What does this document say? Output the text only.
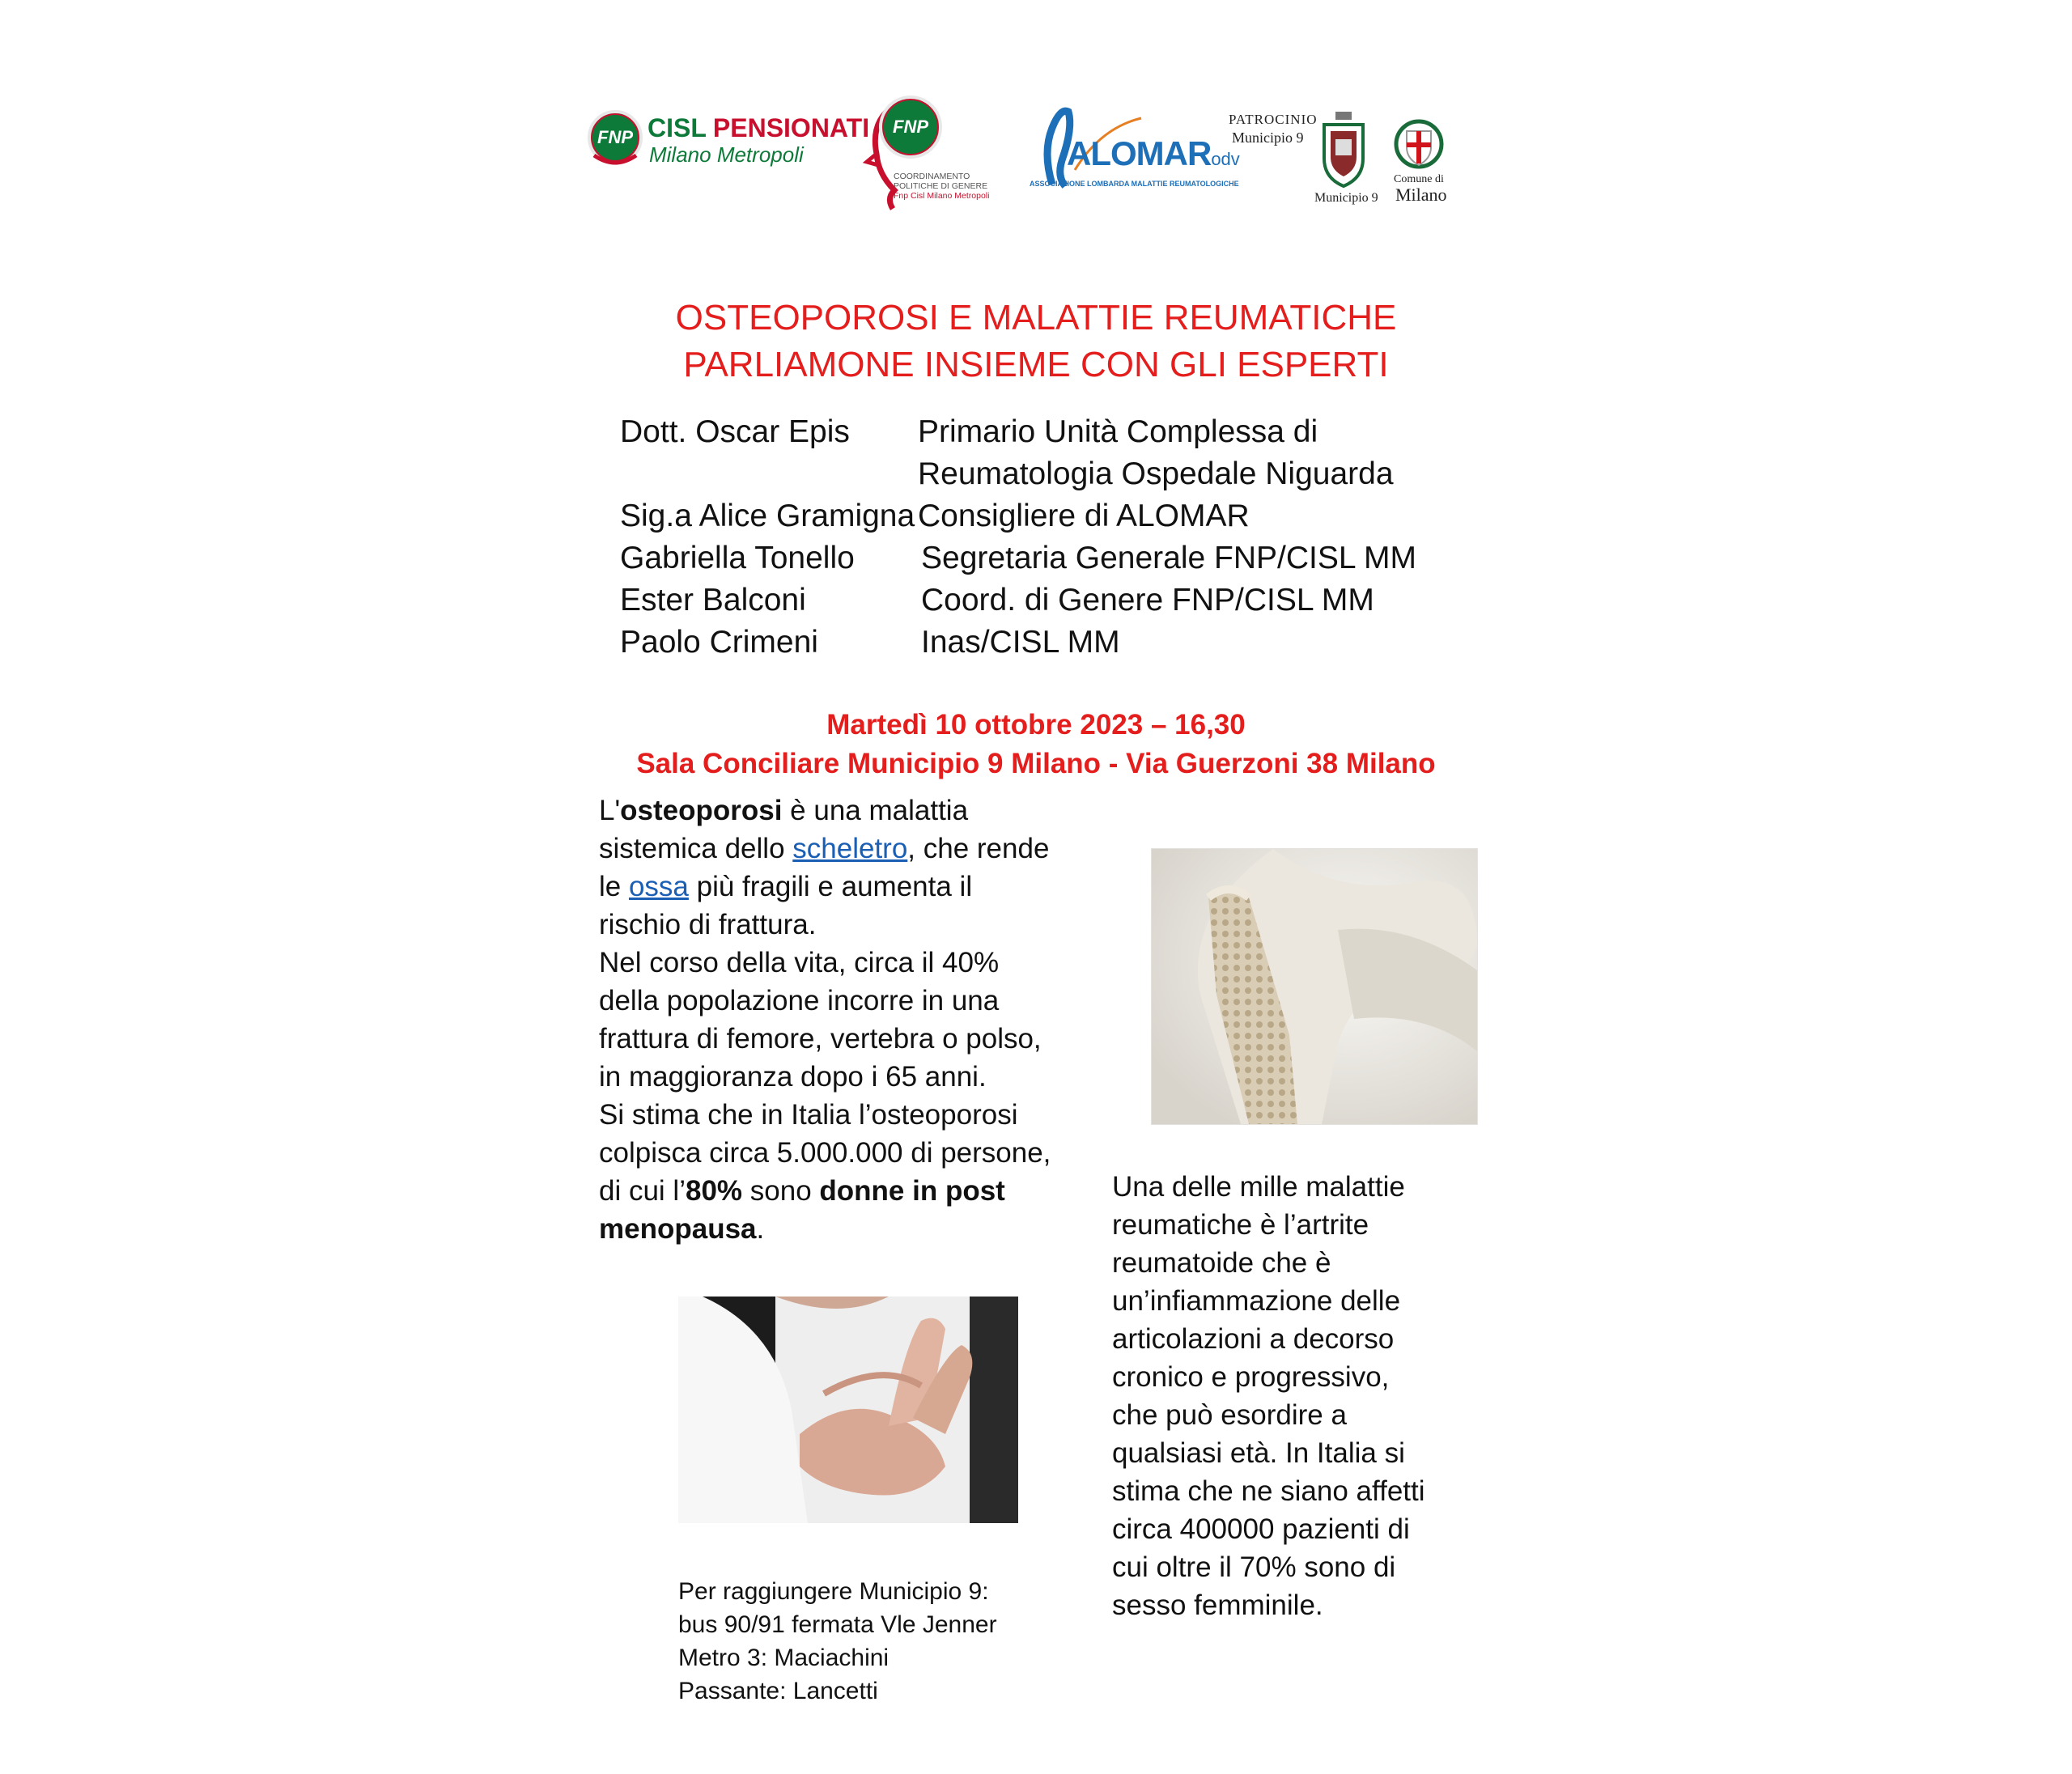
FNP CISL PENSIONATI
Milano Metropoli
FNP
COORDINAMENTO
POLITICHE DI GENERE
Fnp Cisl Milano Metropoli
ALOMARodv
ASSOCIAZIONE LOMBARDA MALATTIE REUMATOLOGICHE
PATROCINIO
Municipio 9
Municipio 9
Comune di
Milano
OSTEOPOROSI E MALATTIE REUMATICHE
PARLIAMONE INSIEME CON GLI ESPERTI
Dott. Oscar Epis Primario Unità Complessa di
Reumatologia Ospedale Niguarda
Sig.a Alice Gramigna Consigliere di ALOMAR
Gabriella Tonello Segretaria Generale FNP/CISL MM
Ester Balconi	Coord. di Genere FNP/CISL MM
Paolo Crimeni	Inas/CISL MM
Martedì 10 ottobre 2023 – 16,30
Sala Conciliare Municipio 9 Milano - Via Guerzoni 38 Milano
L'osteoporosi è una malattia sistemica dello scheletro, che rende le ossa più fragili e aumenta il rischio di frattura.
Nel corso della vita, circa il 40% della popolazione incorre in una frattura di femore, vertebra o polso, in maggioranza dopo i 65 anni.
Si stima che in Italia l’osteoporosi colpisca circa 5.000.000 di persone, di cui l’80% sono donne in post menopausa.
Per raggiungere Municipio 9:
bus 90/91 fermata Vle Jenner
Metro 3: Maciachini
Passante: Lancetti
Una delle mille malattie reumatiche è l’artrite reumatoide che è un’infiammazione delle articolazioni a decorso cronico e progressivo, che può esordire a qualsiasi età. In Italia si stima che ne siano affetti circa 400000 pazienti di cui oltre il 70% sono di sesso femminile.
